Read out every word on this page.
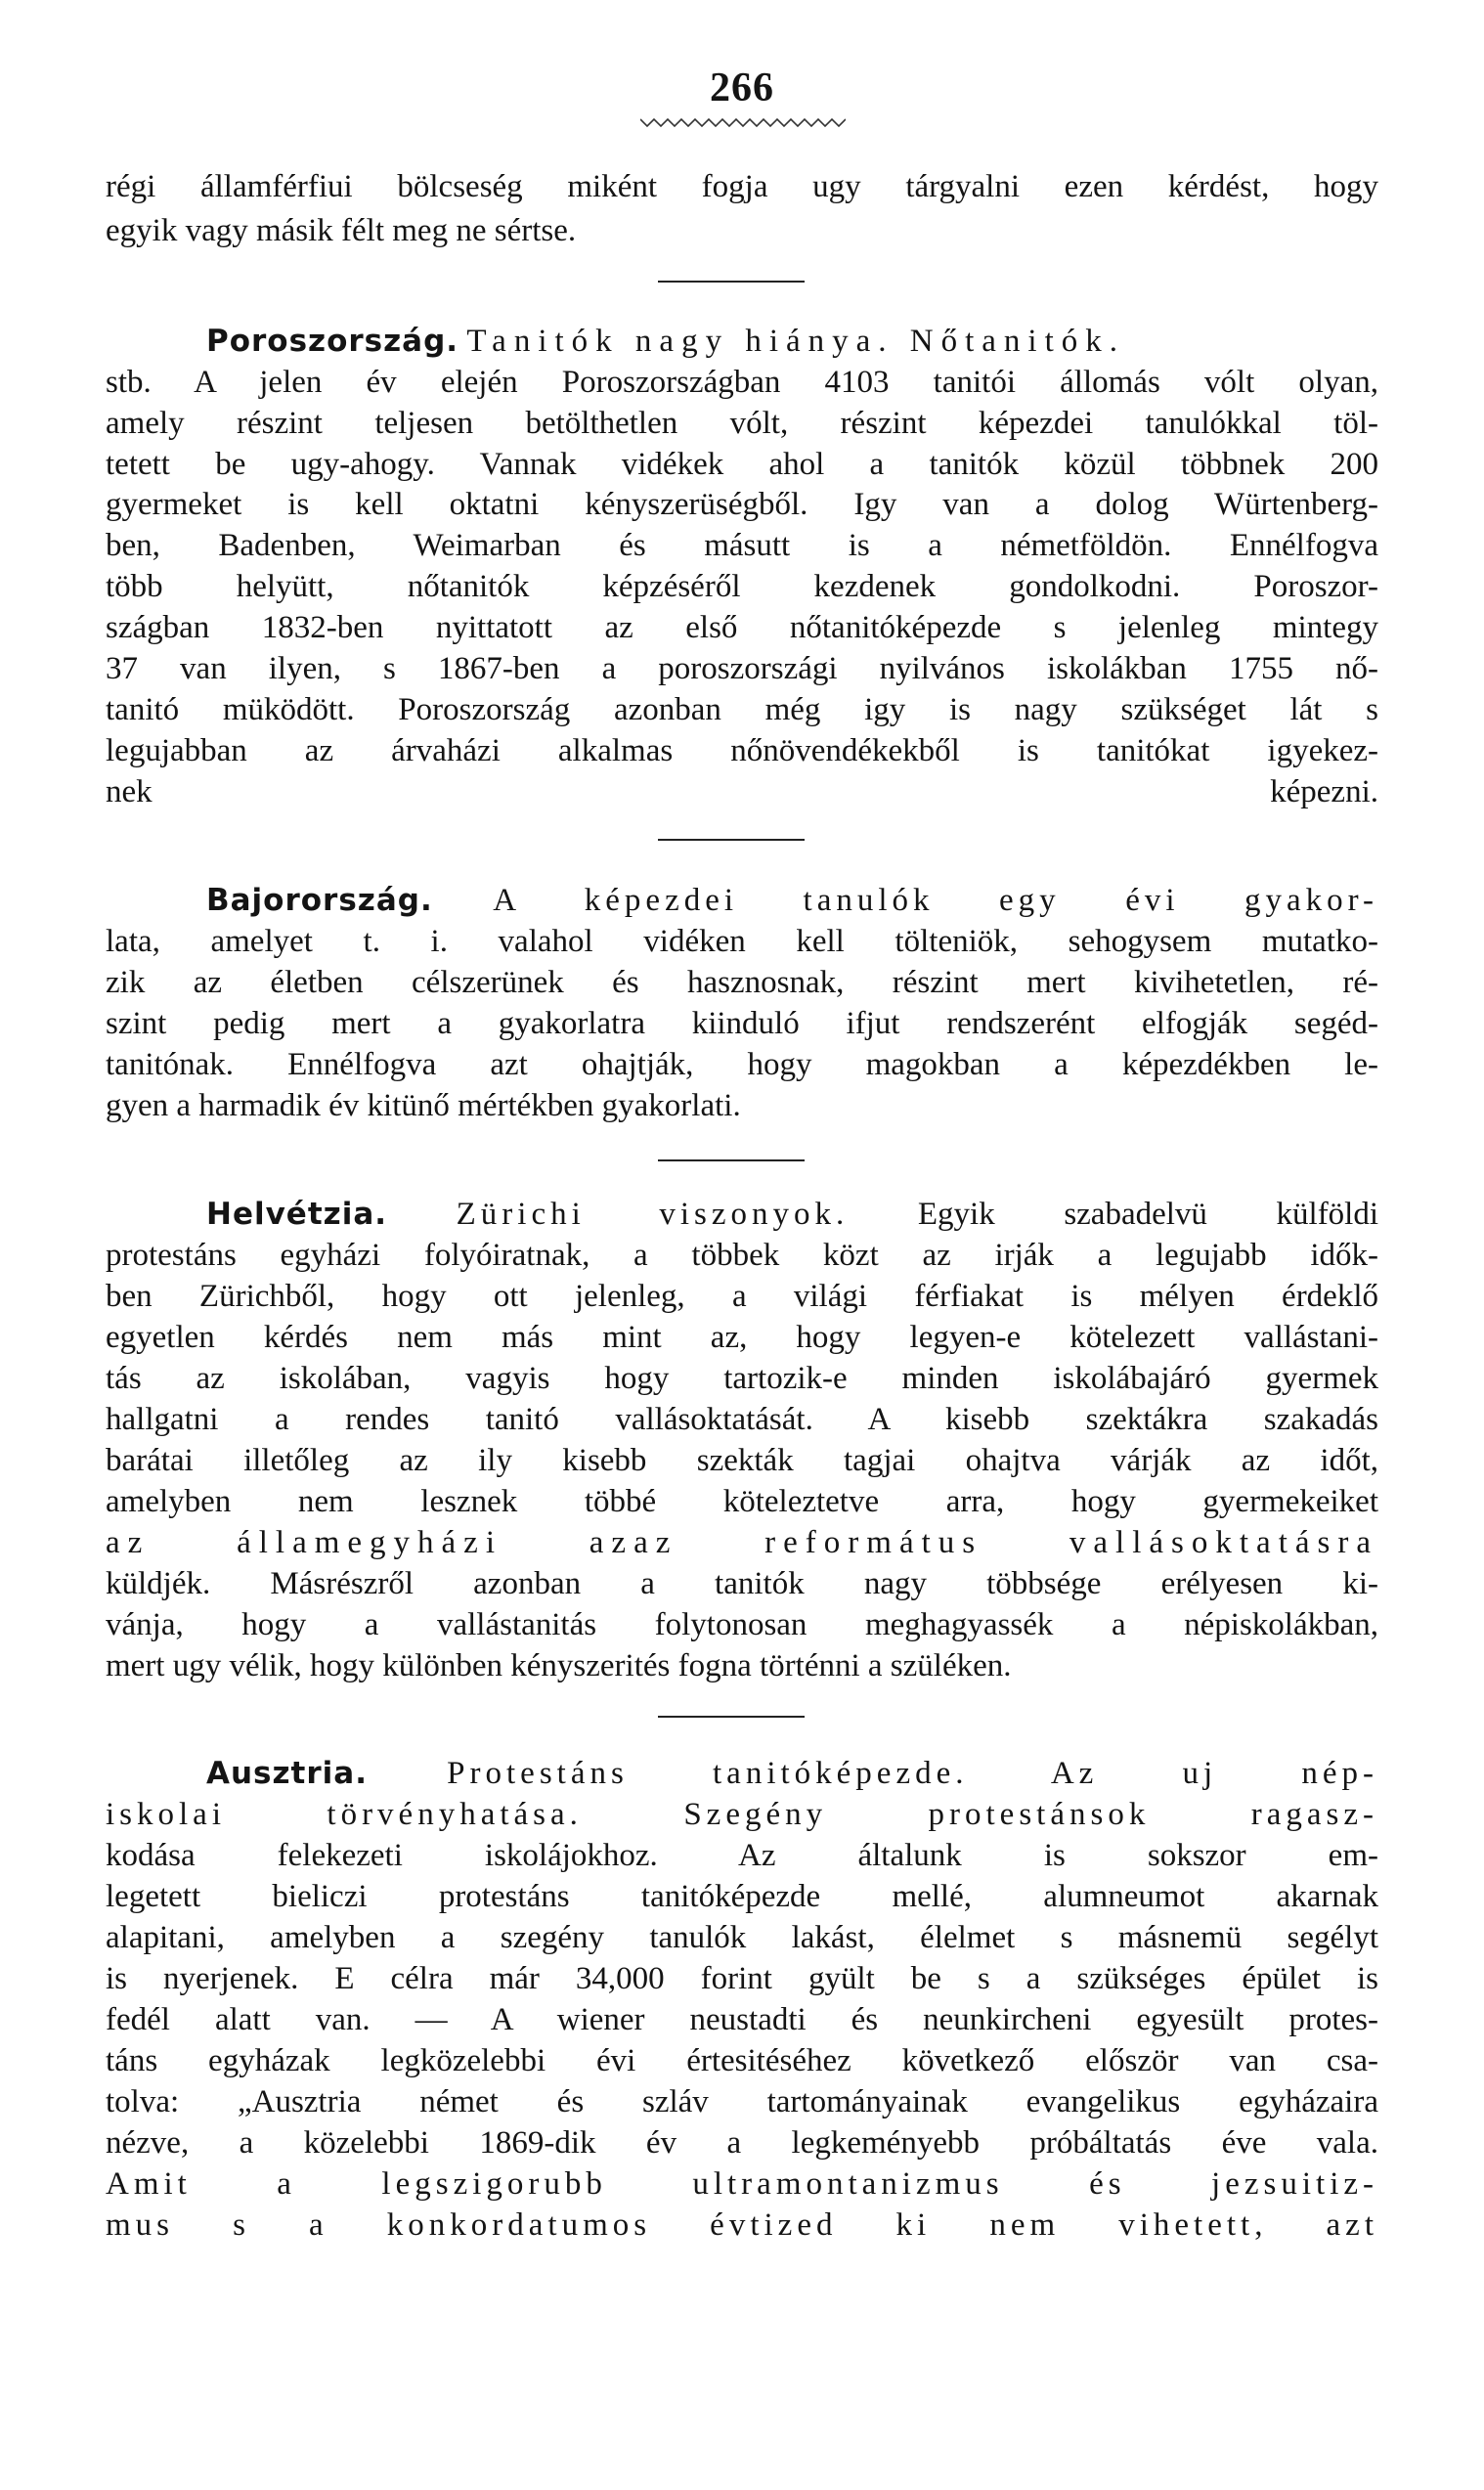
266
régi államférfiui bölcseség miként fogja ugy tárgyalni ezen kérdést, hogy
egyik vagy másik félt meg ne sértse.
Poroszország. Tanitók nagy hiánya. Nőtanitók.
stb. A jelen év elején Poroszországban 4103 tanitói állomás vólt olyan,
amely részint teljesen betölthetlen vólt, részint képezdei tanulókkal töl-
tetett be ugy-ahogy. Vannak vidékek ahol a tanitók közül többnek 200
gyermeket is kell oktatni kényszerüségből. Igy van a dolog Würtenberg-
ben, Badenben, Weimarban és másutt is a németföldön. Ennélfogva
több helyütt, nőtanitók képzéséről kezdenek gondolkodni. Poroszor-
szágban 1832-ben nyittatott az első nőtanitóképezde s jelenleg mintegy
37 van ilyen, s 1867-ben a poroszországi nyilvános iskolákban 1755 nő-
tanitó müködött. Poroszország azonban még igy is nagy szükséget lát s
legujabban az árvaházi alkalmas nőnövendékekből is tanitókat igyekez-
nek képezni.
Bajorország. A képezdei tanulók egy évi gyakor-
lata, amelyet t. i. valahol vidéken kell tölteniök, sehogysem mutatko-
zik az életben célszerünek és hasznosnak, részint mert kivihetetlen, ré-
szint pedig mert a gyakorlatra kiinduló ifjut rendszerént elfogják segéd-
tanitónak. Ennélfogva azt ohajtják, hogy magokban a képezdékben le-
gyen a harmadik év kitünő mértékben gyakorlati.
Helvétzia. Zürichi viszonyok. Egyik szabadelvü külföldi
protestáns egyházi folyóiratnak, a többek közt az irják a legujabb idők-
ben Zürichből, hogy ott jelenleg, a világi férfiakat is mélyen érdeklő
egyetlen kérdés nem más mint az, hogy legyen-e kötelezett vallástani-
tás az iskolában, vagyis hogy tartozik-e minden iskolábajáró gyermek
hallgatni a rendes tanitó vallásoktatását. A kisebb szektákra szakadás
barátai illetőleg az ily kisebb szekták tagjai ohajtva várják az időt,
amelyben nem lesznek többé köteleztetve arra, hogy gyermekeiket
az államegyházi azaz református vallásoktatásra
küldjék. Másrészről azonban a tanitók nagy többsége erélyesen ki-
vánja, hogy a vallástanitás folytonosan meghagyassék a népiskolákban,
mert ugy vélik, hogy különben kényszerités fogna történni a szüléken.
Ausztria. Protestáns tanitóképezde. Az uj nép-
iskolai törvényhatása. Szegény protestánsok ragasz-
kodása felekezeti iskolájokhoz. Az általunk is sokszor em-
legetett bieliczi protestáns tanitóképezde mellé, alumneumot akarnak
alapitani, amelyben a szegény tanulók lakást, élelmet s másnemü segélyt
is nyerjenek. E célra már 34,000 forint gyült be s a szükséges épület is
fedél alatt van. — A wiener neustadti és neunkircheni egyesült protes-
táns egyházak legközelebbi évi értesitéséhez következő először van csa-
tolva: „Ausztria német és szláv tartományainak evangelikus egyházaira
nézve, a közelebbi 1869-dik év a legkeményebb próbáltatás éve vala.
Amit a legszigorubb ultramontanizmus és jezsuitiz-
mus s a konkordatumos évtized ki nem vihetett, azt
